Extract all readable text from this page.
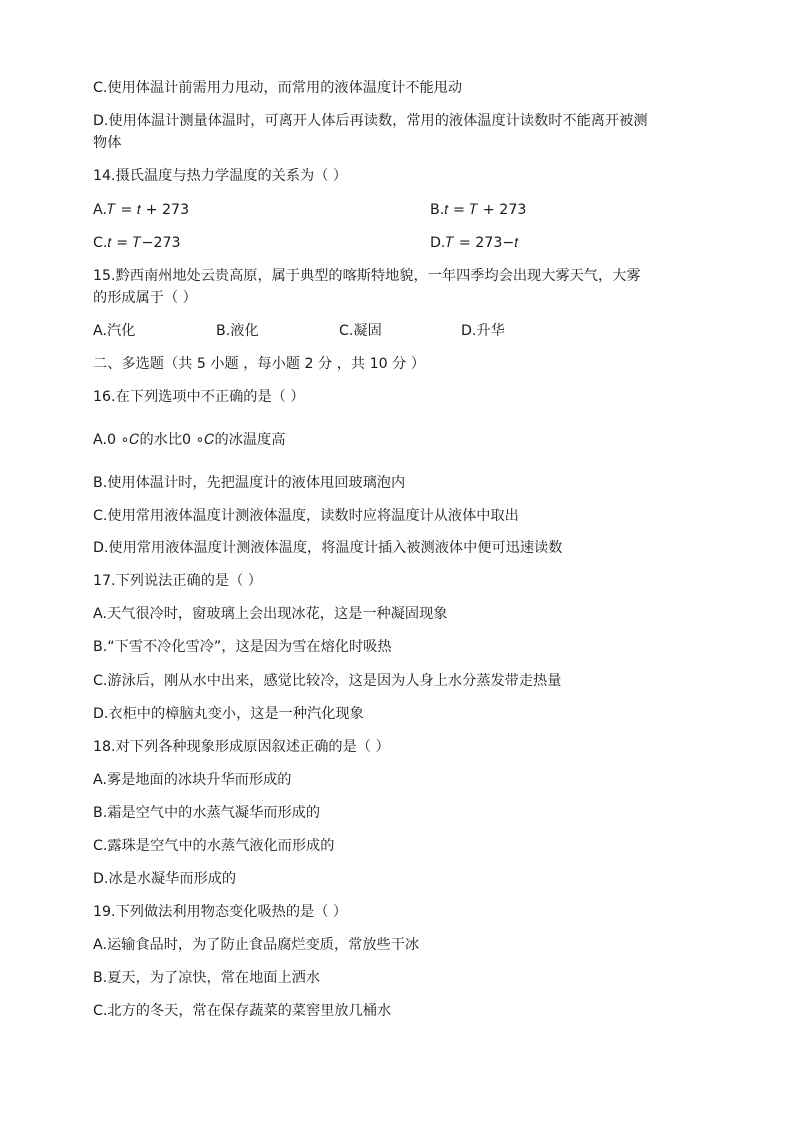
C.使用体温计前需用力甩动，而常用的液体温度计不能甩动
D.使用体温计测量体温时，可离开人体后再读数，常用的液体温度计读数时不能离开被测
物体
14.摄氏温度与热力学温度的关系为（ ）
A.𝑇 = 𝑡 + 273	B.𝑡 = 𝑇 + 273
C.𝑡 = 𝑇−273	D.𝑇 = 273−𝑡
15.黔西南州地处云贵高原，属于典型的喀斯特地貌，一年四季均会出现大雾天气，大雾
的形成属于（ ）
A.汽化	B.液化	C.凝固	D.升华
二、多选题（共 5 小题 ，每小题 2 分 ，共 10 分 ）
16.在下列选项中不正确的是（ ）
A.0 ∘𝐶的水比0 ∘𝐶的冰温度高
B.使用体温计时，先把温度计的液体甩回玻璃泡内
C.使用常用液体温度计测液体温度，读数时应将温度计从液体中取出
D.使用常用液体温度计测液体温度，将温度计插入被测液体中便可迅速读数
17.下列说法正确的是（ ）
A.天气很冷时，窗玻璃上会出现冰花，这是一种凝固现象
B.“下雪不冷化雪冷”，这是因为雪在熔化时吸热
C.游泳后，刚从水中出来，感觉比较冷，这是因为人身上水分蒸发带走热量
D.衣柜中的樟脑丸变小，这是一种汽化现象
18.对下列各种现象形成原因叙述正确的是（ ）
A.雾是地面的冰块升华而形成的
B.霜是空气中的水蒸气凝华而形成的
C.露珠是空气中的水蒸气液化而形成的
D.冰是水凝华而形成的
19.下列做法利用物态变化吸热的是（ ）
A.运输食品时，为了防止食品腐烂变质，常放些干冰
B.夏天，为了凉快，常在地面上洒水
C.北方的冬天，常在保存蔬菜的菜窖里放几桶水
